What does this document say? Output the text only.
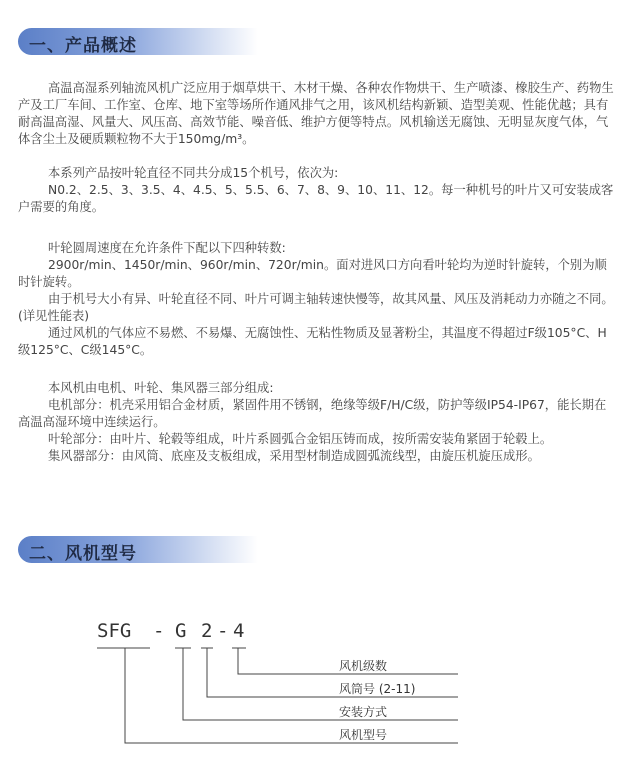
一、产品概述

高温高湿系列轴流风机广泛应用于烟草烘干、木材干燥、各种农作物烘干、生产喷漆、橡胶生产、药物生产及工厂车间、工作室、仓库、地下室等场所作通风排气之用，该风机结构新颖、造型美观、性能优越；具有耐高温高湿、风量大、风压高、高效节能、噪音低、维护方便等特点。风机输送无腐蚀、无明显灰度气体，气体含尘土及硬质颗粒物不大于150mg/m³。

本系列产品按叶轮直径不同共分成15个机号，依次为:

N0.2、2.5、3、3.5、4、4.5、5、5.5、6、7、8、9、10、11、12。每一种机号的叶片又可安装成客户需要的角度。

叶轮圆周速度在允许条件下配以下四种转数:

2900r/min、1450r/min、960r/min、720r/min。面对进风口方向看叶轮均为逆时针旋转，个别为顺时针旋转。

由于机号大小有异、叶轮直径不同、叶片可调主轴转速快慢等，故其风量、风压及消耗动力亦随之不同。(详见性能表)

通过风机的气体应不易燃、不易爆、无腐蚀性、无粘性物质及显著粉尘，其温度不得超过F级105°C、H级125°C、C级145°C。

本风机由电机、叶轮、集风器三部分组成:

电机部分：机壳采用铝合金材质，紧固件用不锈钢，绝缘等级F/H/C级，防护等级IP54-IP67，能长期在高温高湿环境中连续运行。

叶轮部分：由叶片、轮毂等组成，叶片系圆弧合金铝压铸而成，按所需安装角紧固于轮毂上。

集风器部分：由风筒、底座及支板组成，采用型材制造成圆弧流线型，由旋压机旋压成形。

二、风机型号
SFG - G 2 - 4
风机级数
风筒号 (2-11)
安装方式
风机型号
